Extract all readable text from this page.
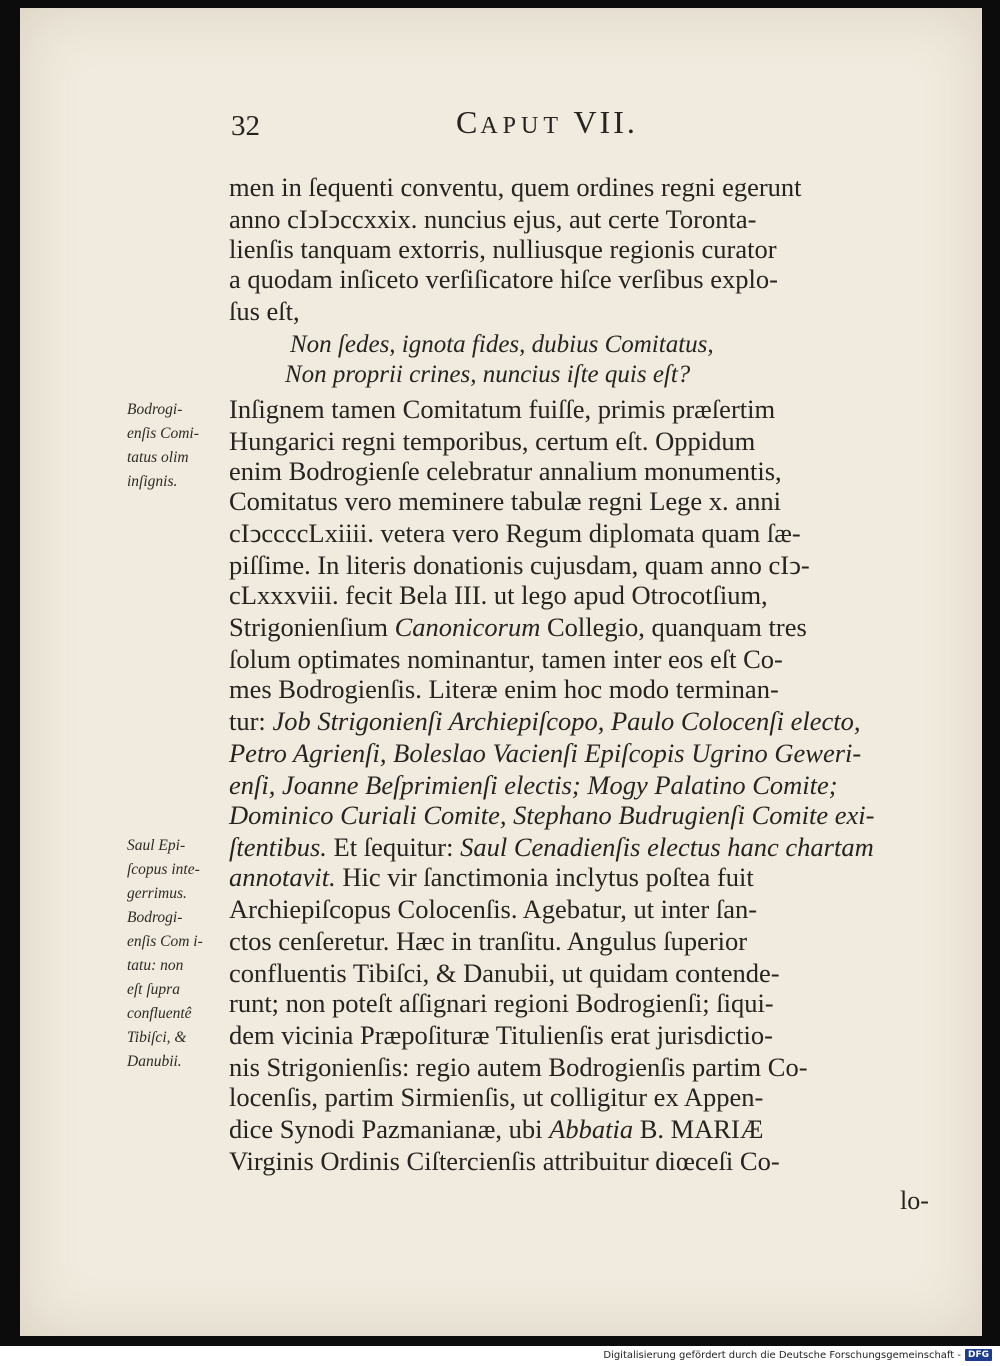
32	CAPUT VII.
men in ſequenti conventu, quem ordines regni egerunt
anno cIↄIↄccxxix. nuncius ejus, aut certe Toronta-
lienſis tanquam extorris, nulliusque regionis curator
a quodam inſiceto verſiſicatore hiſce verſibus explo-
ſus eſt,
Non ſedes, ignota fides, dubius Comitatus,
Non proprii crines, nuncius iſte quis eſt?
Inſignem tamen Comitatum fuiſſe, primis præſertim
Hungarici regni temporibus, certum eſt. Oppidum
enim Bodrogienſe celebratur annalium monumentis,
Comitatus vero meminere tabulæ regni Lege x. anni
cIↄccccLxiiii. vetera vero Regum diplomata quam ſæ-
piſſime. In literis donationis cujusdam, quam anno cIↄ-
cLxxxviii. fecit Bela III. ut lego apud Otrocotſium,
Strigonienſium Canonicorum Collegio, quanquam tres
ſolum optimates nominantur, tamen inter eos eſt Co-
mes Bodrogienſis. Literæ enim hoc modo terminan-
tur: Job Strigonienſi Archiepiſcopo, Paulo Colocenſi electo,
Petro Agrienſi, Boleslao Vacienſi Epiſcopis Ugrino Geweri-
enſi, Joanne Beſprimienſi electis; Mogy Palatino Comite;
Dominico Curiali Comite, Stephano Budrugienſi Comite exi-
ſtentibus. Et ſequitur: Saul Cenadienſis electus hanc chartam
annotavit. Hic vir ſanctimonia inclytus poſtea fuit
Archiepiſcopus Colocenſis. Agebatur, ut inter ſan-
ctos cenſeretur. Hæc in tranſitu. Angulus ſuperior
confluentis Tibiſci, & Danubii, ut quidam contende-
runt; non poteſt aſſignari regioni Bodrogienſi; ſiqui-
dem vicinia Præpoſituræ Titulienſis erat jurisdictio-
nis Strigonienſis: regio autem Bodrogienſis partim Co-
locenſis, partim Sirmienſis, ut colligitur ex Appen-
dice Synodi Pazmanianæ, ubi Abbatia B. MARIÆ
Virginis Ordinis Ciſtercienſis attribuitur diœceſi Co-
Bodrogi-
enſis Comi-
tatus olim
inſignis.
Saul Epi-
ſcopus inte-
gerrimus.
Bodrogi-
enſis Com i-
tatu: non
eſt ſupra
confluentê
Tibiſci, &
Danubii.
lo-
Digitalisierung gefördert durch die Deutsche Forschungsgemeinschaft - DFG
